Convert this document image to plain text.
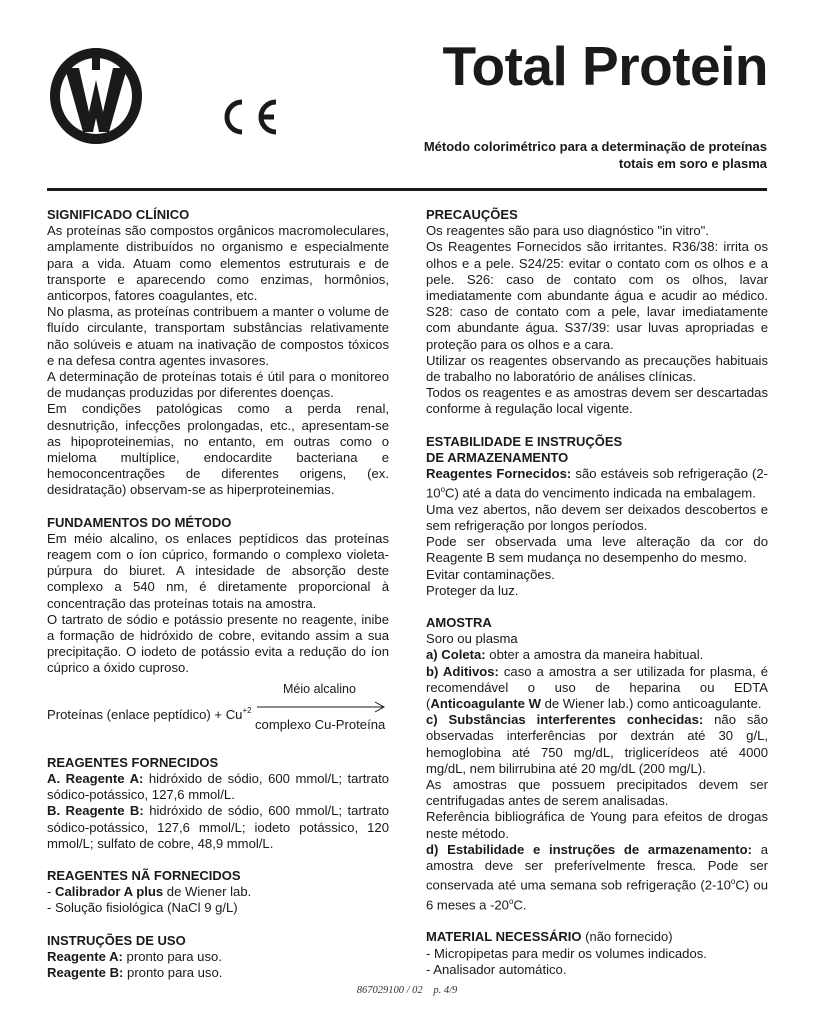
Total Protein
Método colorimétrico para a determinação de proteínas
totais em soro e plasma
SIGNIFICADO CLÍNICO

As proteínas são compostos orgânicos macromoleculares, amplamente distribuídos no organismo e especialmente para a vida. Atuam como elementos estruturais e de transporte e aparecendo como enzimas, hormônios, anticorpos, fatores coagulantes, etc.

No plasma, as proteínas contribuem a manter o volume de fluído circulante, transportam substâncias relativamente não solúveis e atuam na inativação de compostos tóxicos e na defesa contra agentes invasores.

A determinação de proteínas totais é útil para o monitoreo de mudanças produzidas por diferentes doenças.

Em condições patológicas como a perda renal, desnutrição, infecções prolongadas, etc., apresentam-se as hipoproteinemias, no entanto, em outras como o mieloma multíplice, endocardite bacteriana e hemoconcentrações de diferentes origens, (ex. desidratação) observam-se as hiperproteinemias.

FUNDAMENTOS DO MÉTODO

Em méio alcalino, os enlaces peptídicos das proteínas reagem com o íon cúprico, formando o complexo violeta-púrpura do biuret. A intesidade de absorção deste complexo a 540 nm, é diretamente proporcional à concentração das proteínas totais na amostra.

O tartrato de sódio e potássio presente no reagente, inibe a formação de hidróxido de cobre, evitando assim a sua precipitação. O iodeto de potássio evita a redução do íon cúprico a óxido cuproso.

Proteínas (enlace peptídico) + $Cu^{+2}$
Méio alcalino
complexo Cu-Proteína
REAGENTES FORNECIDOS

A. Reagente A: hidróxido de sódio, 600 mmol/L; tartrato sódico-potássico, 127,6 mmol/L.

B. Reagente B: hidróxido de sódio, 600 mmol/L; tartrato sódico-potássico, 127,6 mmol/L; iodeto potássico, 120 mmol/L; sulfato de cobre, 48,9 mmol/L.

REAGENTES NÃ FORNECIDOS

- Calibrador A plus de Wiener lab.

- Solução fisiológica (NaCl 9 g/L)

INSTRUÇÕES DE USO

Reagente A: pronto para uso.

Reagente B: pronto para uso.

PRECAUÇÕES

Os reagentes são para uso diagnóstico "in vitro".

Os Reagentes Fornecidos são irritantes. R36/38: irrita os olhos e a pele. S24/25: evitar o contato com os olhos e a pele. S26: caso de contato com os olhos, lavar imediatamente com abundante água e acudir ao médico. S28: caso de contato com a pele, lavar imediatamente com abundante água. S37/39: usar luvas apropriadas e proteção para os olhos e a cara.

Utilizar os reagentes observando as precauções habituais de trabalho no laboratório de análises clínicas.

Todos os reagentes e as amostras devem ser descartadas conforme à regulação local vigente.

ESTABILIDADE E INSTRUÇÕES
DE ARMAZENAMENTO

Reagentes Fornecidos: são estáveis sob refrigeração (2-10$^o$C) até a data do vencimento indicada na embalagem.

Uma vez abertos, não devem ser deixados descobertos e sem refrigeração por longos períodos.

Pode ser observada uma leve alteração da cor do Reagente B sem mudança no desempenho do mesmo.

Evitar contaminações.

Proteger da luz.

AMOSTRA

Soro ou plasma

a) Coleta: obter a amostra da maneira habitual.

b) Aditivos: caso a amostra a ser utilizada for plasma, é recomendável o uso de heparina ou EDTA (Anticoagulante W de Wiener lab.) como anticoagulante.

c) Substâncias interferentes conhecidas: não são observadas interferências por dextrán até 30 g/L, hemoglobina até 750 mg/dL, triglicerídeos até 4000 mg/dL, nem bilirrubina até 20 mg/dL (200 mg/L).

As amostras que possuem precipitados devem ser centrifugadas antes de serem analisadas.

Referência bibliográfica de Young para efeitos de drogas neste método.

d) Estabilidade e instruções de armazenamento: a amostra deve ser preferívelmente fresca. Pode ser conservada até uma semana sob refrigeração (2-10$^o$C) ou 6 meses a -20$^o$C.

MATERIAL NECESSÁRIO (não fornecido)

- Micropipetas para medir os volumes indicados.

- Analisador automático.

867029100 / 02 p. 4/9
